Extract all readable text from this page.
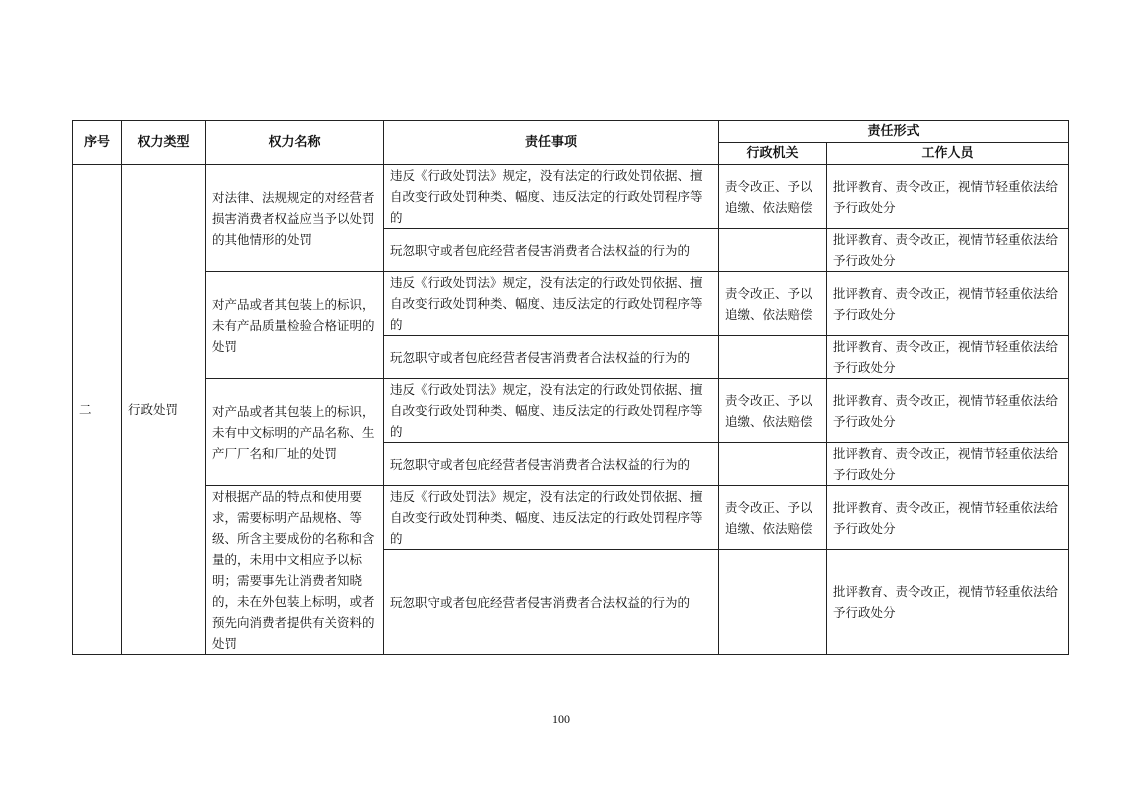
序号	权力类型	权力名称	责任事项	责任形式	
				行政机关	工作人员
二	行政处罚	对法律、法规规定的对经营者损害消费者权益应当予以处罚的其他情形的处罚	违反《行政处罚法》规定，没有法定的行政处罚依据、擅自改变行政处罚种类、幅度、违反法定的行政处罚程序等的	责令改正、予以追缴、依法赔偿	批评教育、责令改正，视情节轻重依法给予行政处分
			玩忽职守或者包庇经营者侵害消费者合法权益的行为的		批评教育、责令改正，视情节轻重依法给予行政处分
		对产品或者其包装上的标识，未有产品质量检验合格证明的处罚	违反《行政处罚法》规定，没有法定的行政处罚依据、擅自改变行政处罚种类、幅度、违反法定的行政处罚程序等的	责令改正、予以追缴、依法赔偿	批评教育、责令改正，视情节轻重依法给予行政处分
			玩忽职守或者包庇经营者侵害消费者合法权益的行为的		批评教育、责令改正，视情节轻重依法给予行政处分
		对产品或者其包装上的标识，未有中文标明的产品名称、生产厂厂名和厂址的处罚	违反《行政处罚法》规定，没有法定的行政处罚依据、擅自改变行政处罚种类、幅度、违反法定的行政处罚程序等的	责令改正、予以追缴、依法赔偿	批评教育、责令改正，视情节轻重依法给予行政处分
			玩忽职守或者包庇经营者侵害消费者合法权益的行为的		批评教育、责令改正，视情节轻重依法给予行政处分
		对根据产品的特点和使用要求，需要标明产品规格、等级、所含主要成份的名称和含量的，未用中文相应予以标明；需要事先让消费者知晓的，未在外包装上标明，或者预先向消费者提供有关资料的处罚	违反《行政处罚法》规定，没有法定的行政处罚依据、擅自改变行政处罚种类、幅度、违反法定的行政处罚程序等的	责令改正、予以追缴、依法赔偿	批评教育、责令改正，视情节轻重依法给予行政处分
			玩忽职守或者包庇经营者侵害消费者合法权益的行为的		批评教育、责令改正，视情节轻重依法给予行政处分
100
